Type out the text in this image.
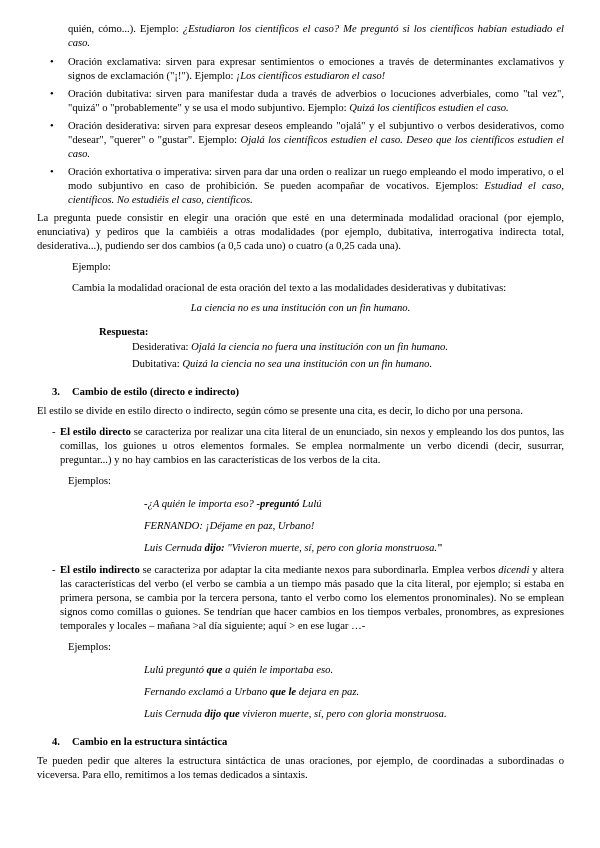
quién, cómo...). Ejemplo: ¿Estudiaron los científicos el caso? Me preguntó si los científicos habían estudiado el caso.

• Oración exclamativa: sirven para expresar sentimientos o emociones a través de determinantes exclamativos y signos de exclamación ("¡!"). Ejemplo: ¡Los científicos estudiaron el caso!
• Oración dubitativa: sirven para manifestar duda a través de adverbios o locuciones adverbiales, como "tal vez", "quizá" o "probablemente" y se usa el modo subjuntivo. Ejemplo: Quizá los científicos estudien el caso.
• Oración desiderativa: sirven para expresar deseos empleando "ojalá" y el subjuntivo o verbos desiderativos, como "desear", "querer" o "gustar". Ejemplo: Ojalá los científicos estudien el caso. Deseo que los científicos estudien el caso.
• Oración exhortativa o imperativa: sirven para dar una orden o realizar un ruego empleando el modo imperativo, o el modo subjuntivo en caso de prohibición. Se pueden acompañar de vocativos. Ejemplos: Estudiad el caso, científicos. No estudiéis el caso, científicos.

La pregunta puede consistir en elegir una oración que esté en una determinada modalidad oracional (por ejemplo, enunciativa) y pediros que la cambiéis a otras modalidades (por ejemplo, dubitativa, interrogativa indirecta total, desiderativa...), pudiendo ser dos cambios (a 0,5 cada uno) o cuatro (a 0,25 cada una).

Ejemplo:

Cambia la modalidad oracional de esta oración del texto a las modalidades desiderativas y dubitativas:

La ciencia no es una institución con un fin humano.

Respuesta:

Desiderativa: Ojalá la ciencia no fuera una institución con un fin humano.

Dubitativa: Quizá la ciencia no sea una institución con un fin humano.

3. Cambio de estilo (directo e indirecto)

El estilo se divide en estilo directo o indirecto, según cómo se presente una cita, es decir, lo dicho por una persona.

- El estilo directo se caracteriza por realizar una cita literal de un enunciado, sin nexos y empleando los dos puntos, las comillas, los guiones u otros elementos formales. Se emplea normalmente un verbo dicendi (decir, susurrar, preguntar...) y no hay cambios en las características de los verbos de la cita.

Ejemplos:

-¿A quién le importa eso? -preguntó Lulú

FERNANDO: ¡Déjame en paz, Urbano!

Luis Cernuda dijo: "Vivieron muerte, sí, pero con gloria monstruosa."

- El estilo indirecto se caracteriza por adaptar la cita mediante nexos para subordinarla. Emplea verbos dicendi y altera las características del verbo (el verbo se cambia a un tiempo más pasado que la cita literal, por ejemplo; si estaba en primera persona, se cambia por la tercera persona, tanto el verbo como los elementos pronominales). No se emplean signos como comillas o guiones. Se tendrían que hacer cambios en los tiempos verbales, pronombres, as expresiones temporales y locales – mañana >al día siguiente; aquí > en ese lugar …-

Ejemplos:

Lulú preguntó que a quién le importaba eso.

Fernando exclamó a Urbano que le dejara en paz.

Luis Cernuda dijo que vivieron muerte, sí, pero con gloria monstruosa.

4. Cambio en la estructura sintáctica

Te pueden pedir que alteres la estructura sintáctica de unas oraciones, por ejemplo, de coordinadas a subordinadas o viceversa. Para ello, remitimos a los temas dedicados a sintaxis.
